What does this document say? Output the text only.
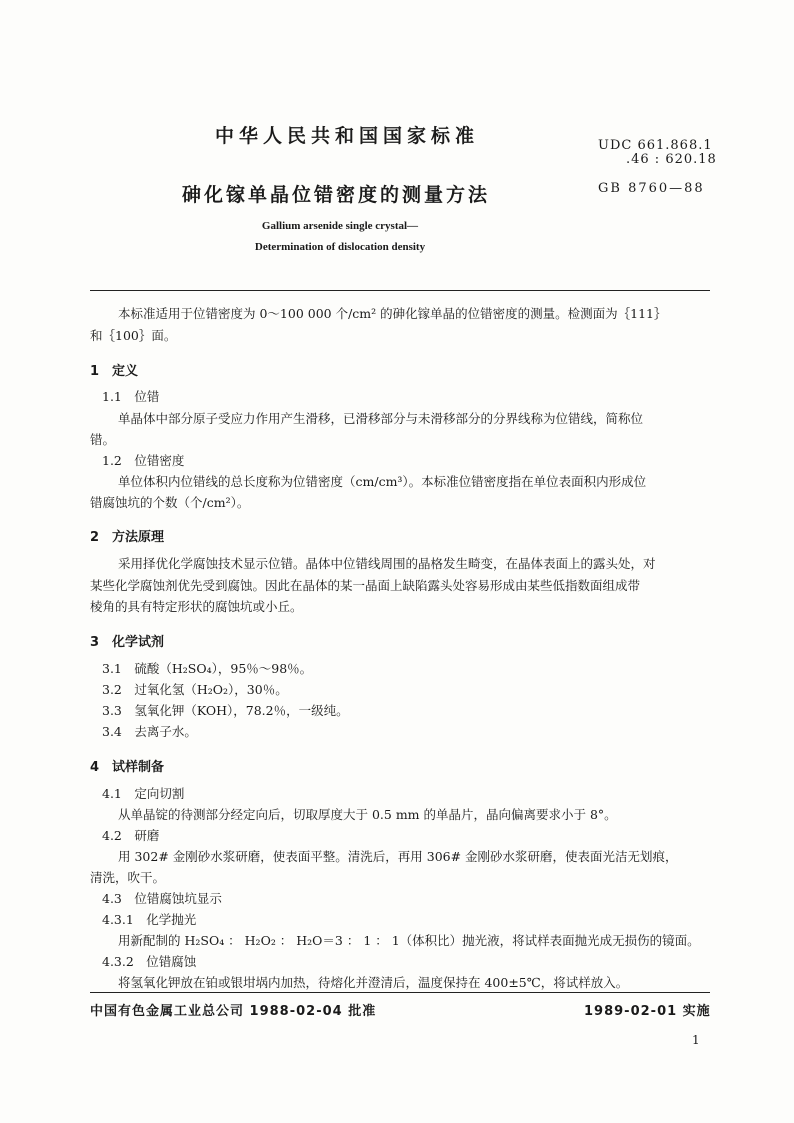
中华人民共和国国家标准	UDC 661.868.1
.46 : 620.18
砷化镓单晶位错密度的测量方法	GB 8760—88
Gallium arsenide single crystal—
Determination of dislocation density
本标准适用于位错密度为 0～100 000 个/cm² 的砷化镓单晶的位错密度的测量。检测面为｛111｝
和｛100｝面。
1　定义
1.1　位错
单晶体中部分原子受应力作用产生滑移，已滑移部分与未滑移部分的分界线称为位错线，简称位
错。
1.2　位错密度
单位体积内位错线的总长度称为位错密度（cm/cm³）。本标准位错密度指在单位表面积内形成位
错腐蚀坑的个数（个/cm²）。
2　方法原理
采用择优化学腐蚀技术显示位错。晶体中位错线周围的晶格发生畸变，在晶体表面上的露头处，对
某些化学腐蚀剂优先受到腐蚀。因此在晶体的某一晶面上缺陷露头处容易形成由某些低指数面组成带
棱角的具有特定形状的腐蚀坑或小丘。
3　化学试剂
3.1　硫酸（H₂SO₄），95％～98％。
3.2　过氧化氢（H₂O₂），30％。
3.3　氢氧化钾（KOH），78.2％，一级纯。
3.4　去离子水。
4　试样制备
4.1　定向切割
从单晶锭的待测部分经定向后，切取厚度大于 0.5 mm 的单晶片，晶向偏离要求小于 8°。
4.2　研磨
用 302# 金刚砂水浆研磨，使表面平整。清洗后，再用 306# 金刚砂水浆研磨，使表面光洁无划痕，
清洗，吹干。
4.3　位错腐蚀坑显示
4.3.1　化学抛光
用新配制的 H₂SO₄ ： H₂O₂ ： H₂O＝3 ： 1 ： 1（体积比）抛光液，将试样表面抛光成无损伤的镜面。
4.3.2　位错腐蚀
将氢氧化钾放在铂或银坩埚内加热，待熔化并澄清后，温度保持在 400±5℃，将试样放入。
中国有色金属工业总公司 1988-02-04 批准	1989-02-01 实施
1
